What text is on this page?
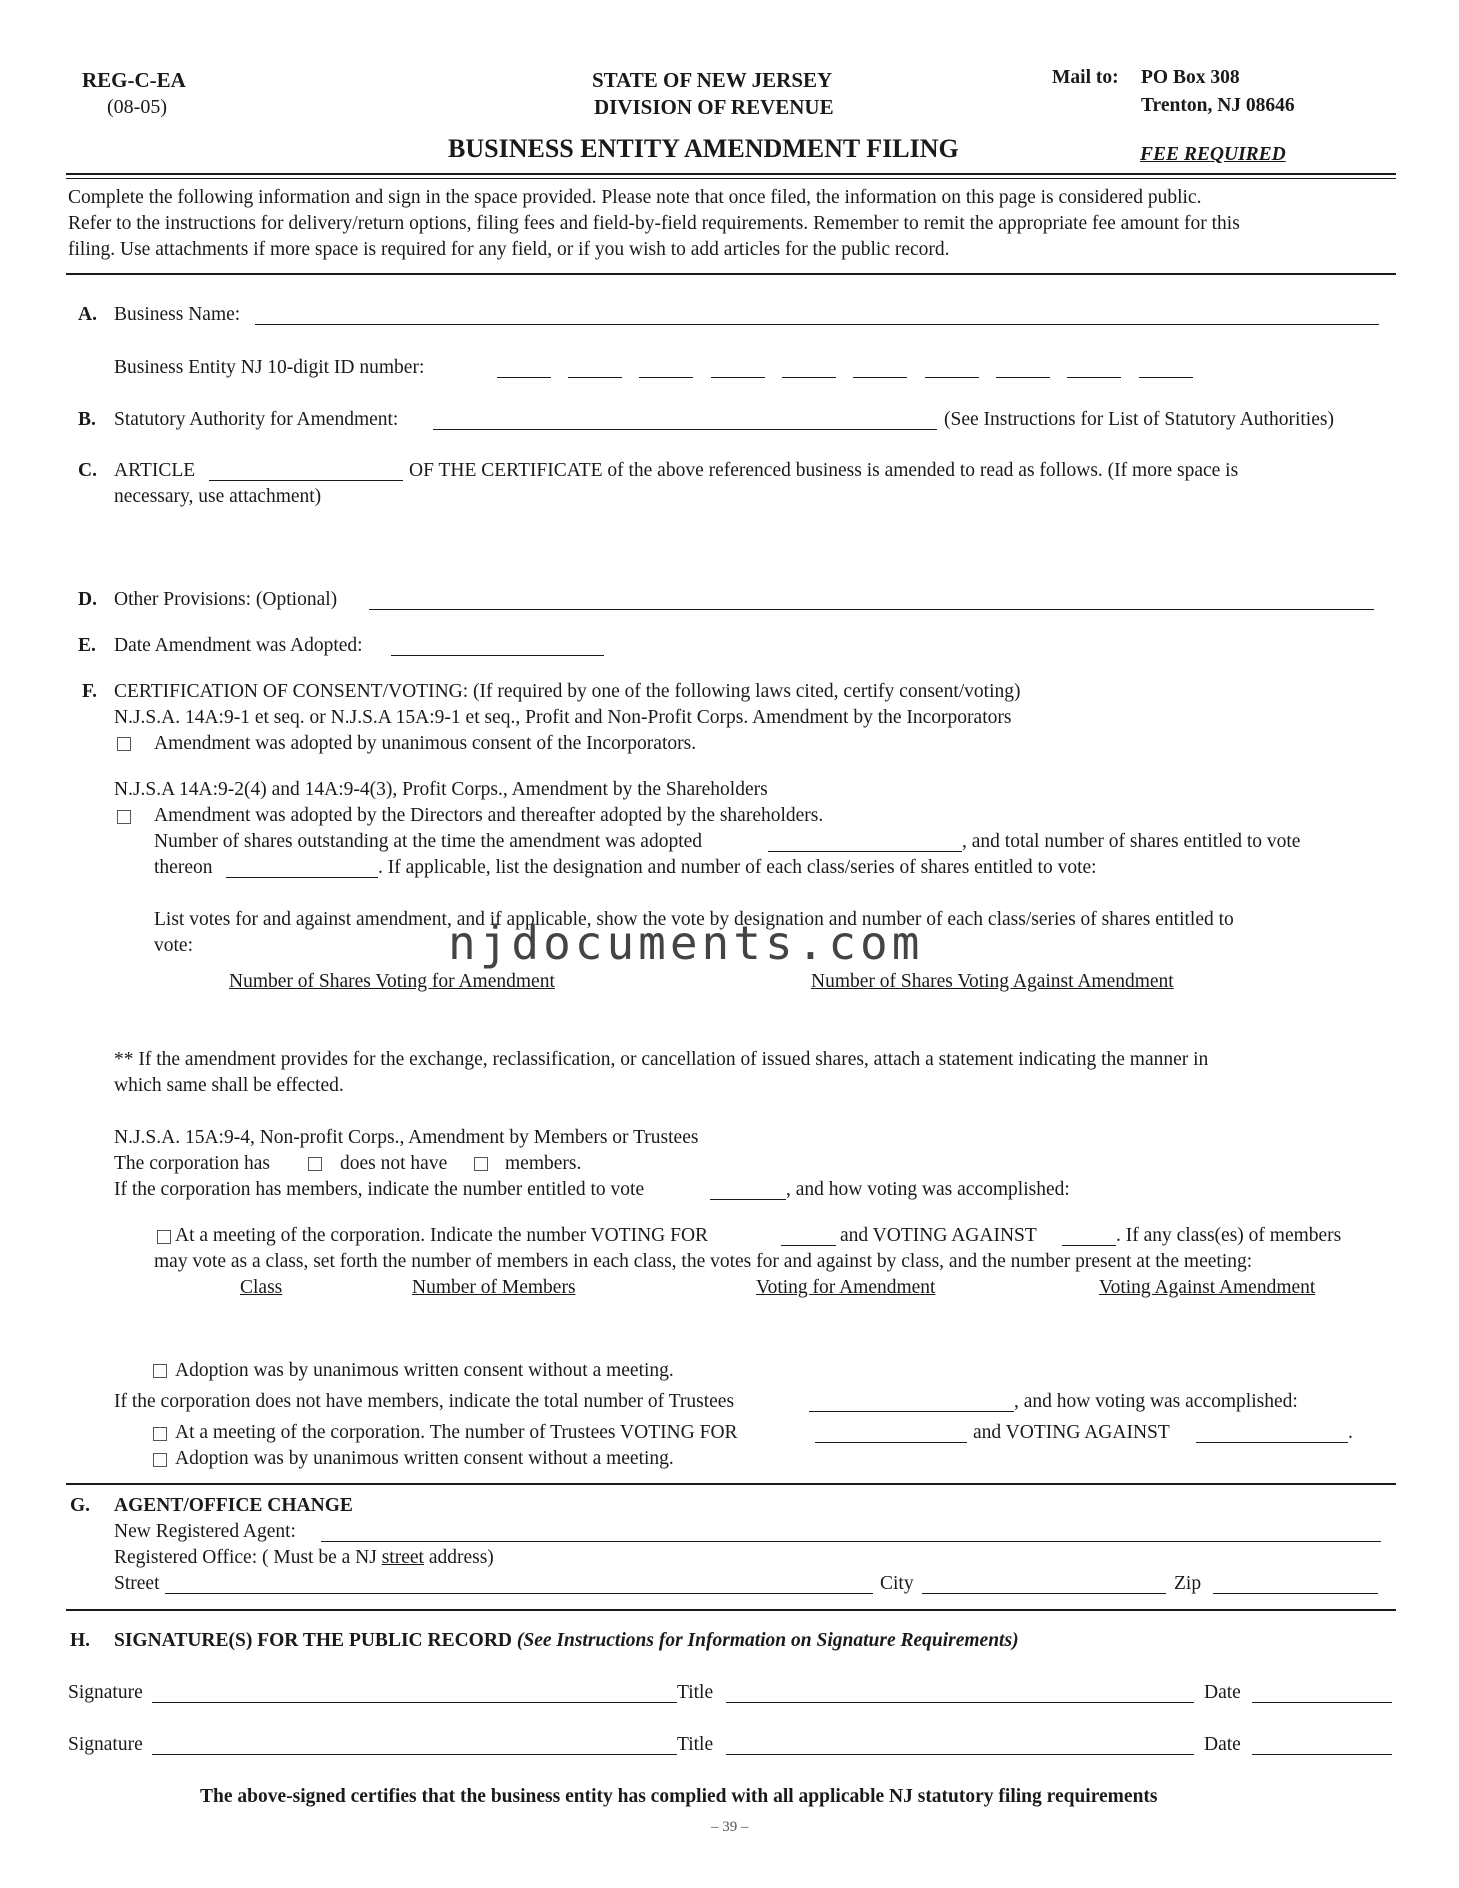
REG-C-EA
(08-05)
STATE OF NEW JERSEY
DIVISION OF REVENUE
Mail to: PO Box 308
Trenton, NJ 08646
BUSINESS ENTITY AMENDMENT FILING	FEE REQUIRED
Complete the following information and sign in the space provided. Please note that once filed, the information on this page is considered public.
Refer to the instructions for delivery/return options, filing fees and field-by-field requirements. Remember to remit the appropriate fee amount for this
filing. Use attachments if more space is required for any field, or if you wish to add articles for the public record.
A. Business Name:
Business Entity NJ 10-digit ID number:
B. Statutory Authority for Amendment:	(See Instructions for List of Statutory Authorities)
C. ARTICLE	OF THE CERTIFICATE of the above referenced business is amended to read as follows. (If more space is
necessary, use attachment)
D. Other Provisions: (Optional)
E. Date Amendment was Adopted:
F. CERTIFICATION OF CONSENT/VOTING: (If required by one of the following laws cited, certify consent/voting)
N.J.S.A. 14A:9-1 et seq. or N.J.S.A 15A:9-1 et seq., Profit and Non-Profit Corps. Amendment by the Incorporators
Amendment was adopted by unanimous consent of the Incorporators.
N.J.S.A 14A:9-2(4) and 14A:9-4(3), Profit Corps., Amendment by the Shareholders
Amendment was adopted by the Directors and thereafter adopted by the shareholders.
Number of shares outstanding at the time the amendment was adopted	, and total number of shares entitled to vote
thereon	. If applicable, list the designation and number of each class/series of shares entitled to vote:
List votes for and against amendment, and if applicable, show the vote by designation and number of each class/series of shares entitled to
vote:
Number of Shares Voting for Amendment	Number of Shares Voting Against Amendment
njdocuments.com
** If the amendment provides for the exchange, reclassification, or cancellation of issued shares, attach a statement indicating the manner in
which same shall be effected.
N.J.S.A. 15A:9-4, Non-profit Corps., Amendment by Members or Trustees
The corporation has	does not have	members.
If the corporation has members, indicate the number entitled to vote	, and how voting was accomplished:
At a meeting of the corporation. Indicate the number VOTING FOR	and VOTING AGAINST	. If any class(es) of members
may vote as a class, set forth the number of members in each class, the votes for and against by class, and the number present at the meeting:
Class	Number of Members	Voting for Amendment	Voting Against Amendment
Adoption was by unanimous written consent without a meeting.
If the corporation does not have members, indicate the total number of Trustees	, and how voting was accomplished:
At a meeting of the corporation. The number of Trustees VOTING FOR	and VOTING AGAINST	.
Adoption was by unanimous written consent without a meeting.
G. AGENT/OFFICE CHANGE
New Registered Agent:
Registered Office: ( Must be a NJ street address)
Street	City	Zip
H. SIGNATURE(S) FOR THE PUBLIC RECORD (See Instructions for Information on Signature Requirements)
Signature	Title	Date
Signature	Title	Date
The above-signed certifies that the business entity has complied with all applicable NJ statutory filing requirements
– 39 –
